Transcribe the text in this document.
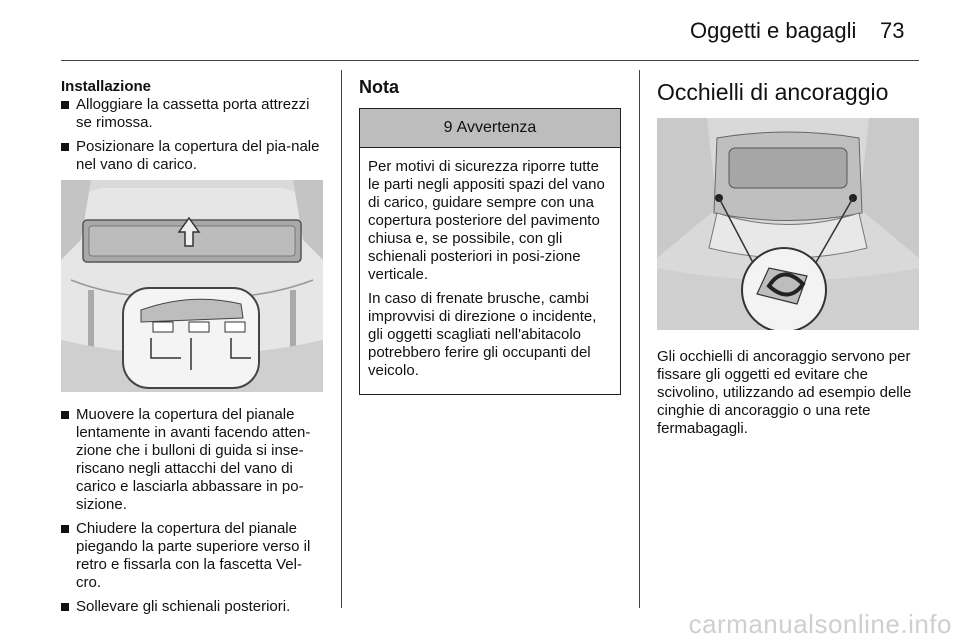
Oggetti e bagagli 73
Installazione
Alloggiare la cassetta porta attrezzi se rimossa.
Posizionare la copertura del pia-nale nel vano di carico.
Muovere la copertura del pianale lentamente in avanti facendo atten-zione che i bulloni di guida si inse-riscano negli attacchi del vano di carico e lasciarla abbassare in po-sizione.
Chiudere la copertura del pianale piegando la parte superiore verso il retro e fissarla con la fascetta Vel-cro.
Sollevare gli schienali posteriori.
Nota
9 Avvertenza

Per motivi di sicurezza riporre tutte le parti negli appositi spazi del vano di carico, guidare sempre con una copertura posteriore del pavimento chiusa e, se possibile, con gli schienali posteriori in posi-zione verticale.

In caso di frenate brusche, cambi improvvisi di direzione o incidente, gli oggetti scagliati nell'abitacolo potrebbero ferire gli occupanti del veicolo.

Occhielli di ancoraggio

Gli occhielli di ancoraggio servono per fissare gli oggetti ed evitare che scivolino, utilizzando ad esempio delle cinghie di ancoraggio o una rete fermabagagli.

carmanualsonline.info
